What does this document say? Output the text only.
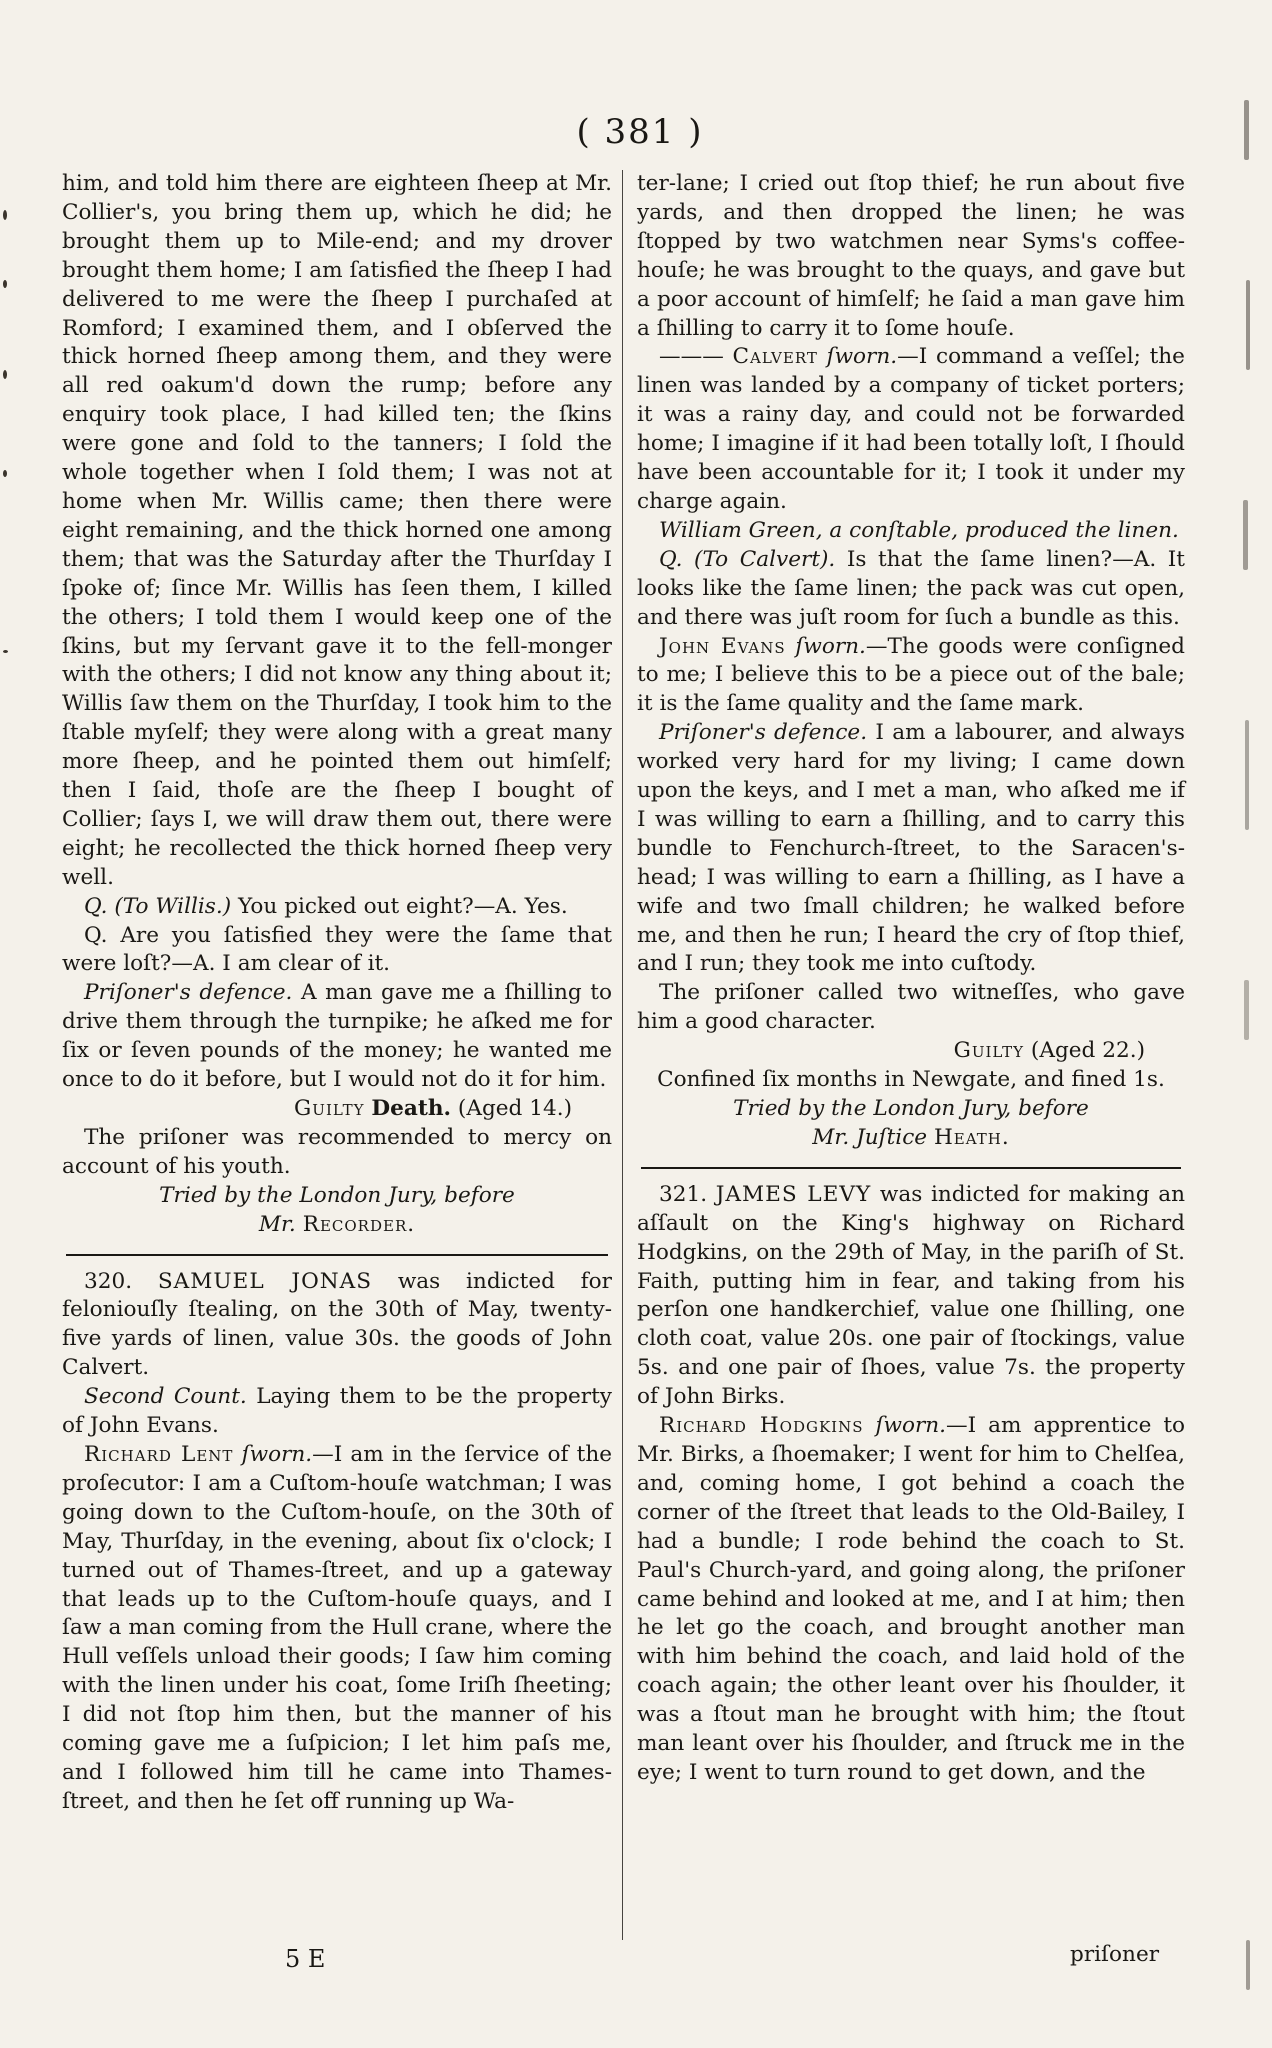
( 381 )

him, and told him there are eighteen ſheep at Mr. Collier's, you bring them up, which he did; he brought them up to Mile-end; and my drover brought them home; I am ſatisfied the ſheep I had delivered to me were the ſheep I purchaſed at Romford; I examined them, and I obſerved the thick horned ſheep among them, and they were all red oakum'd down the rump; before any enquiry took place, I had killed ten; the ſkins were gone and ſold to the tanners; I ſold the whole together when I ſold them; I was not at home when Mr. Willis came; then there were eight remaining, and the thick horned one among them; that was the Saturday after the Thurſday I ſpoke of; ſince Mr. Willis has ſeen them, I killed the others; I told them I would keep one of the ſkins, but my ſervant gave it to the fell-monger with the others; I did not know any thing about it; Willis ſaw them on the Thurſday, I took him to the ſtable myſelf; they were along with a great many more ſheep, and he pointed them out himſelf; then I ſaid, thoſe are the ſheep I bought of Collier; ſays I, we will draw them out, there were eight; he recollected the thick horned ſheep very well.

Q. (To Willis.) You picked out eight?—A. Yes.

Q. Are you ſatisfied they were the ſame that were loſt?—A. I am clear of it.

Priſoner's defence. A man gave me a ſhilling to drive them through the turnpike; he aſked me for ſix or ſeven pounds of the money; he wanted me once to do it before, but I would not do it for him.

Guilty Death. (Aged 14.)

The priſoner was recommended to mercy on account of his youth.

Tried by the London Jury, before

Mr. Recorder.

320. SAMUEL JONAS was indicted for feloniouſly ſtealing, on the 30th of May, twenty-five yards of linen, value 30s. the goods of John Calvert.

Second Count. Laying them to be the property of John Evans.

Richard Lent ſworn.—I am in the ſervice of the proſecutor: I am a Cuſtom-houſe watchman; I was going down to the Cuſtom-houſe, on the 30th of May, Thurſday, in the evening, about ſix o'clock; I turned out of Thames-ſtreet, and up a gateway that leads up to the Cuſtom-houſe quays, and I ſaw a man coming from the Hull crane, where the Hull veſſels unload their goods; I ſaw him coming with the linen under his coat, ſome Iriſh ſheeting; I did not ſtop him then, but the manner of his coming gave me a ſuſpicion; I let him paſs me, and I followed him till he came into Thames-ſtreet, and then he ſet off running up Wa-

ter-lane; I cried out ſtop thief; he run about five yards, and then dropped the linen; he was ſtopped by two watchmen near Syms's coffee-houſe; he was brought to the quays, and gave but a poor account of himſelf; he ſaid a man gave him a ſhilling to carry it to ſome houſe.

——— Calvert ſworn.—I command a veſſel; the linen was landed by a company of ticket porters; it was a rainy day, and could not be forwarded home; I imagine if it had been totally loſt, I ſhould have been accountable for it; I took it under my charge again.

William Green, a conſtable, produced the linen.

Q. (To Calvert). Is that the ſame linen?—A. It looks like the ſame linen; the pack was cut open, and there was juſt room for ſuch a bundle as this.

John Evans ſworn.—The goods were conſigned to me; I believe this to be a piece out of the bale; it is the ſame quality and the ſame mark.

Priſoner's defence. I am a labourer, and always worked very hard for my living; I came down upon the keys, and I met a man, who aſked me if I was willing to earn a ſhilling, and to carry this bundle to Fenchurch-ſtreet, to the Saracen's-head; I was willing to earn a ſhilling, as I have a wife and two ſmall children; he walked before me, and then he run; I heard the cry of ſtop thief, and I run; they took me into cuſtody.

The priſoner called two witneſſes, who gave him a good character.

Guilty (Aged 22.)

Confined ſix months in Newgate, and fined 1s.

Tried by the London Jury, before

Mr. Juſtice Heath.

321. JAMES LEVY was indicted for making an aſſault on the King's highway on Richard Hodgkins, on the 29th of May, in the pariſh of St. Faith, putting him in fear, and taking from his perſon one handkerchief, value one ſhilling, one cloth coat, value 20s. one pair of ſtockings, value 5s. and one pair of ſhoes, value 7s. the property of John Birks.

Richard Hodgkins ſworn.—I am apprentice to Mr. Birks, a ſhoemaker; I went for him to Chelſea, and, coming home, I got behind a coach the corner of the ſtreet that leads to the Old-Bailey, I had a bundle; I rode behind the coach to St. Paul's Church-yard, and going along, the priſoner came behind and looked at me, and I at him; then he let go the coach, and brought another man with him behind the coach, and laid hold of the coach again; the other leant over his ſhoulder, it was a ſtout man he brought with him; the ſtout man leant over his ſhoulder, and ſtruck me in the eye; I went to turn round to get down, and the

5 E	priſoner
